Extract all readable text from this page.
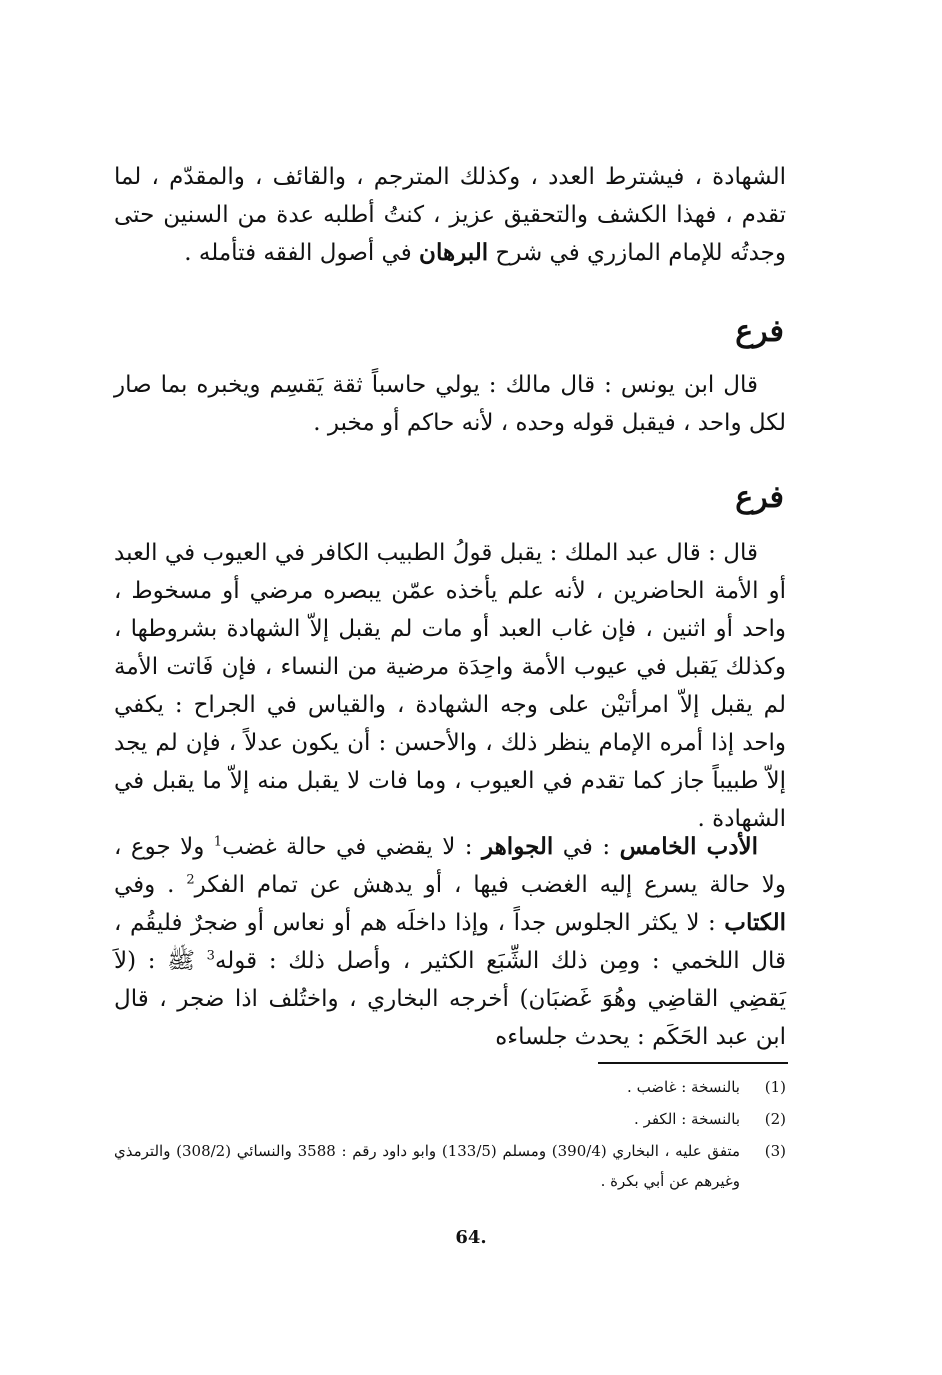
الشهادة ، فيشترط العدد ، وكذلك المترجم ، والقائف ، والمقدّم ، لما تقدم ، فهذا الكشف والتحقيق عزيز ، كنتُ أطلبه عدة من السنين حتى وجدتُه للإمام المازري في شرح البرهان في أصول الفقه فتأمله .
فرع
قال ابن يونس : قال مالك : يولي حاسباً ثقة يَقسِم ويخبره بما صار لكل واحد ، فيقبل قوله وحده ، لأنه حاكم أو مخبر .
فرع
قال : قال عبد الملك : يقبل قولُ الطبيب الكافر في العيوب في العبد أو الأمة الحاضرين ، لأنه علم يأخذه عمّن يبصره مرضي أو مسخوط ، واحد أو اثنين ، فإن غاب العبد أو مات لم يقبل إلاّ الشهادة بشروطها ، وكذلك يَقبل في عيوب الأمة واحِدَة مرضية من النساء ، فإن فَاتت الأمة لم يقبل إلاّ امرأتيْن على وجه الشهادة ، والقياس في الجراح : يكفي واحد إذا أمره الإمام ينظر ذلك ، والأحسن : أن يكون عدلاً ، فإن لم يجد إلاّ طبيباً جاز كما تقدم في العيوب ، وما فات لا يقبل منه إلاّ ما يقبل في الشهادة .
الأدب الخامس : في الجواهر : لا يقضي في حالة غضب$^1$ ولا جوع ، ولا حالة يسرع إليه الغضب فيها ، أو يدهش عن تمام الفكر$^2$ . وفي الكتاب : لا يكثر الجلوس جداً ، وإذا داخلَه هم أو نعاس أو ضجرٌ فليقُم ، قال اللخمي : ومِن ذلك الشِّبَع الكثير ، وأصل ذلك : قوله$^3$ ﷺ : (لاَ يَقضِي القاضِي وهُوَ غَضبَان) أخرجه البخاري ، واختُلف اذا ضجر ، قال ابن عبد الحَكَم : يحدث جلساءه
(1)
بالنسخة : غاضب .
(2)
بالنسخة : الكفر .
(3)
متفق عليه ، البخاري (390/4) ومسلم (133/5) وابو داود رقم : 3588 والنسائي (308/2) والترمذي وغيرهم عن أبي بكرة .
64.
